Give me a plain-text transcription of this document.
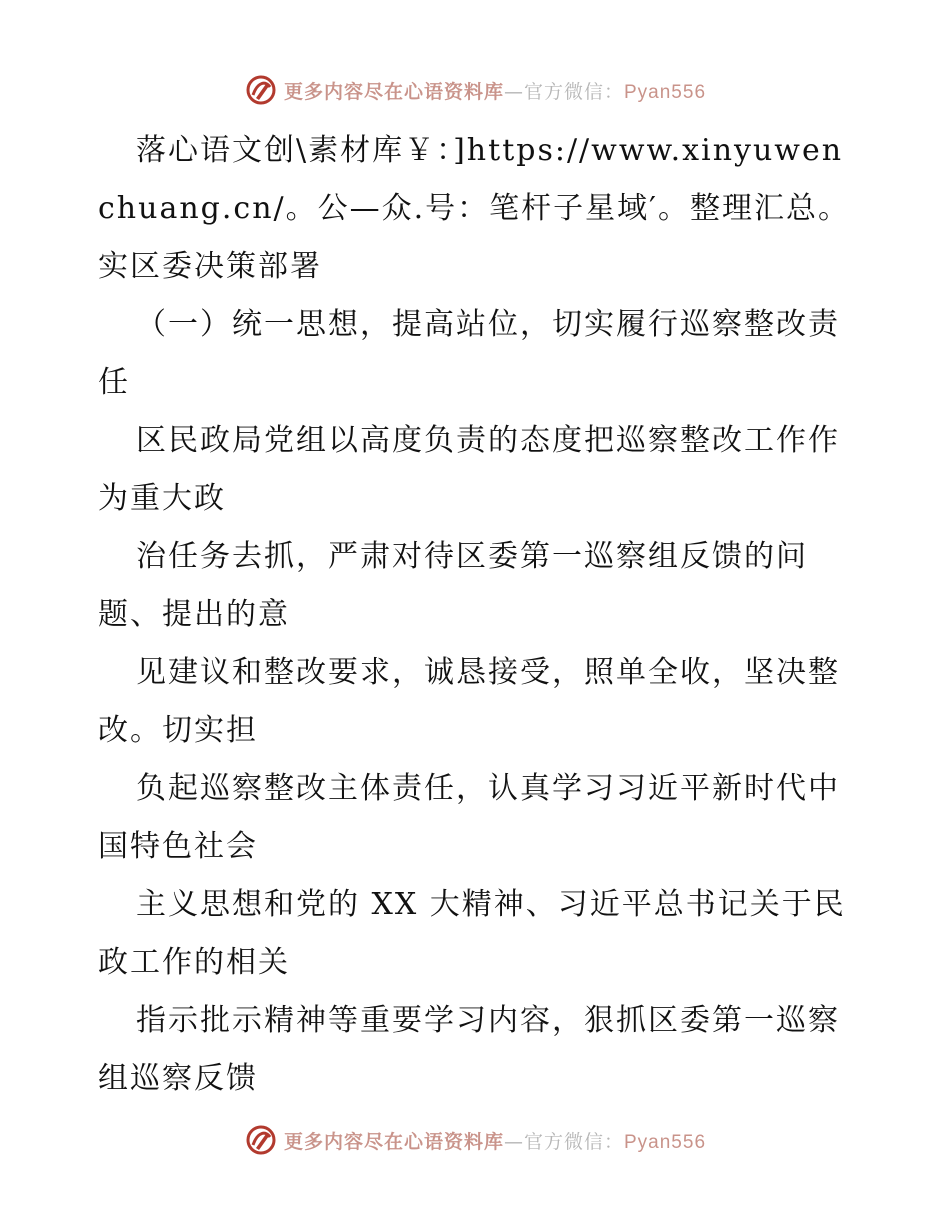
更多内容尽在心语资料库—官方微信：Pyan556

落心语文创\素材库￥：]https://www.xinyuwenchuang.cn/。公—众.号：笔杆子星域′。整理汇总。实区委决策部署

（一）统一思想，提高站位，切实履行巡察整改责任

区民政局党组以高度负责的态度把巡察整改工作作为重大政

治任务去抓，严肃对待区委第一巡察组反馈的问题、提出的意

见建议和整改要求，诚恳接受，照单全收，坚决整改。切实担

负起巡察整改主体责任，认真学习习近平新时代中国特色社会

主义思想和党的 XX 大精神、习近平总书记关于民政工作的相关

指示批示精神等重要学习内容，狠抓区委第一巡察组巡察反馈

更多内容尽在心语资料库—官方微信：Pyan556
